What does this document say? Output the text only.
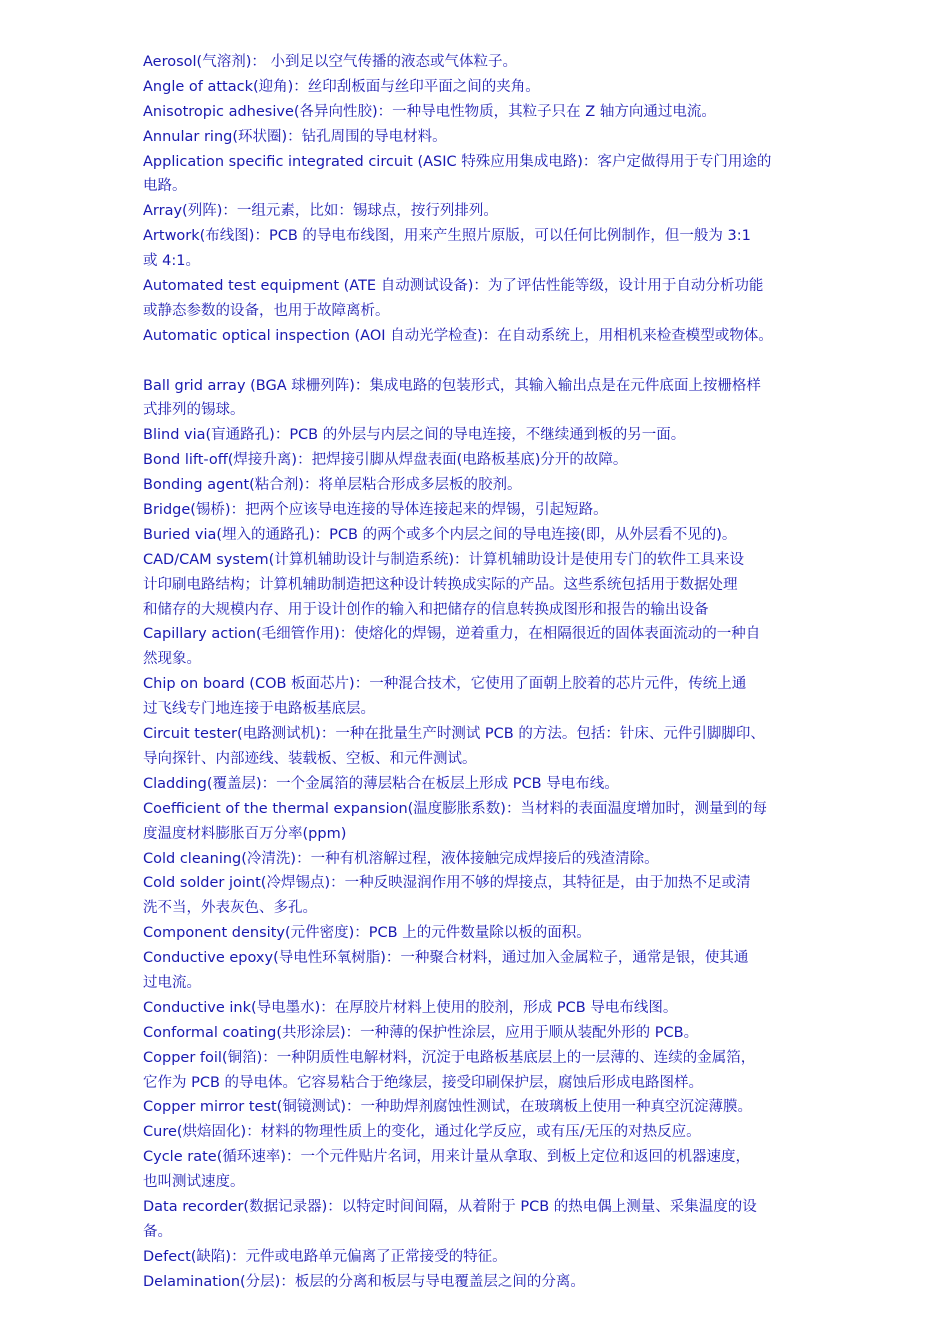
Aerosol(气溶剂)： 小到足以空气传播的液态或气体粒子。
Angle of attack(迎角)：丝印刮板面与丝印平面之间的夹角。
Anisotropic adhesive(各异向性胶)：一种导电性物质，其粒子只在 Z 轴方向通过电流。
Annular ring(环状圈)：钻孔周围的导电材料。
Application specific integrated circuit (ASIC 特殊应用集成电路)：客户定做得用于专门用途的
电路。
Array(列阵)：一组元素，比如：锡球点，按行列排列。
Artwork(布线图)：PCB 的导电布线图，用来产生照片原版，可以任何比例制作，但一般为 3:1
或 4:1。
Automated test equipment (ATE 自动测试设备)：为了评估性能等级，设计用于自动分析功能
或静态参数的设备，也用于故障离析。
Automatic optical inspection (AOI 自动光学检查)：在自动系统上，用相机来检查模型或物体。
Ball grid array (BGA 球栅列阵)：集成电路的包装形式，其输入输出点是在元件底面上按栅格样
式排列的锡球。
Blind via(盲通路孔)：PCB 的外层与内层之间的导电连接，不继续通到板的另一面。
Bond lift-off(焊接升离)：把焊接引脚从焊盘表面(电路板基底)分开的故障。
Bonding agent(粘合剂)：将单层粘合形成多层板的胶剂。
Bridge(锡桥)：把两个应该导电连接的导体连接起来的焊锡，引起短路。
Buried via(埋入的通路孔)：PCB 的两个或多个内层之间的导电连接(即，从外层看不见的)。
CAD/CAM system(计算机辅助设计与制造系统)：计算机辅助设计是使用专门的软件工具来设
计印刷电路结构；计算机辅助制造把这种设计转换成实际的产品。这些系统包括用于数据处理
和储存的大规模内存、用于设计创作的输入和把储存的信息转换成图形和报告的输出设备
Capillary action(毛细管作用)：使熔化的焊锡，逆着重力，在相隔很近的固体表面流动的一种自
然现象。
Chip on board (COB 板面芯片)：一种混合技术，它使用了面朝上胶着的芯片元件，传统上通
过飞线专门地连接于电路板基底层。
Circuit tester(电路测试机)：一种在批量生产时测试 PCB 的方法。包括：针床、元件引脚脚印、
导向探针、内部迹线、装载板、空板、和元件测试。
Cladding(覆盖层)：一个金属箔的薄层粘合在板层上形成 PCB 导电布线。
Coefficient of the thermal expansion(温度膨胀系数)：当材料的表面温度增加时，测量到的每
度温度材料膨胀百万分率(ppm)
Cold cleaning(冷清洗)：一种有机溶解过程，液体接触完成焊接后的残渣清除。
Cold solder joint(冷焊锡点)：一种反映湿润作用不够的焊接点，其特征是，由于加热不足或清
洗不当，外表灰色、多孔。
Component density(元件密度)：PCB 上的元件数量除以板的面积。
Conductive epoxy(导电性环氧树脂)：一种聚合材料，通过加入金属粒子，通常是银，使其通
过电流。
Conductive ink(导电墨水)：在厚胶片材料上使用的胶剂，形成 PCB 导电布线图。
Conformal coating(共形涂层)：一种薄的保护性涂层，应用于顺从装配外形的 PCB。
Copper foil(铜箔)：一种阴质性电解材料，沉淀于电路板基底层上的一层薄的、连续的金属箔，
它作为 PCB 的导电体。它容易粘合于绝缘层，接受印刷保护层，腐蚀后形成电路图样。
Copper mirror test(铜镜测试)：一种助焊剂腐蚀性测试，在玻璃板上使用一种真空沉淀薄膜。
Cure(烘焙固化)：材料的物理性质上的变化，通过化学反应，或有压/无压的对热反应。
Cycle rate(循环速率)：一个元件贴片名词，用来计量从拿取、到板上定位和返回的机器速度，
也叫测试速度。
Data recorder(数据记录器)：以特定时间间隔，从着附于 PCB 的热电偶上测量、采集温度的设
备。
Defect(缺陷)：元件或电路单元偏离了正常接受的特征。
Delamination(分层)：板层的分离和板层与导电覆盖层之间的分离。
